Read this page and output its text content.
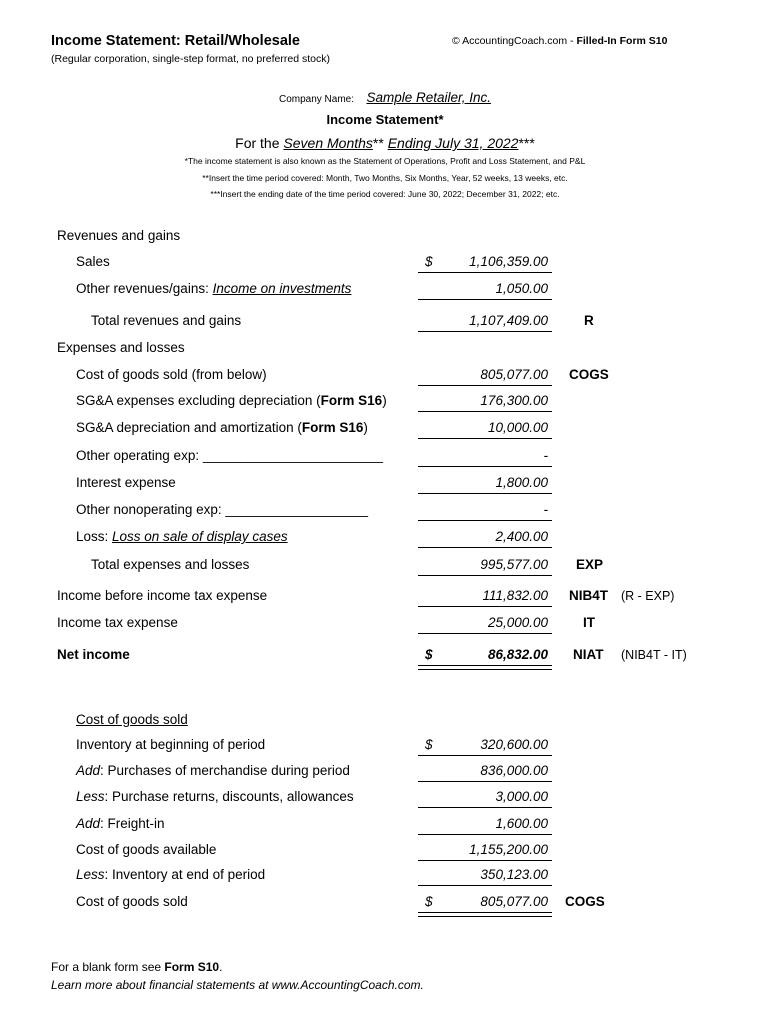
Income Statement: Retail/Wholesale
(Regular corporation, single-step format, no preferred stock)
© AccountingCoach.com - Filled-In Form S10
Company Name: Sample Retailer, Inc.
Income Statement*
For the Seven Months** Ending July 31, 2022***
*The income statement is also known as the Statement of Operations, Profit and Loss Statement, and P&L
**Insert the time period covered: Month, Two Months, Six Months, Year, 52 weeks, 13 weeks, etc.
***Insert the ending date of the time period covered: June 30, 2022; December 31, 2022; etc.
Revenues and gains
Sales	$	1,106,359.00
Other revenues/gains: Income on investments	1,050.00
Total revenues and gains	1,107,409.00	R
Expenses and losses
Cost of goods sold (from below)	805,077.00 COGS
SG&A expenses excluding depreciation (Form S16)	176,300.00
SG&A depreciation and amortization (Form S16)	10,000.00
Other operating exp: ________________________	-
Interest expense	1,800.00
Other nonoperating exp: ___________________	-
Loss: Loss on sale of display cases	2,400.00
Total expenses and losses	995,577.00 EXP
Income before income tax expense	111,832.00 NIB4T (R - EXP)
Income tax expense	25,000.00	IT
Net income	$	86,832.00 NIAT (NIB4T - IT)
Cost of goods sold
Inventory at beginning of period	$	320,600.00
Add: Purchases of merchandise during period	836,000.00
Less: Purchase returns, discounts, allowances	3,000.00
Add: Freight-in	1,600.00
Cost of goods available	1,155,200.00
Less: Inventory at end of period	350,123.00
Cost of goods sold	$	805,077.00 COGS
For a blank form see Form S10.
Learn more about financial statements at www.AccountingCoach.com.
